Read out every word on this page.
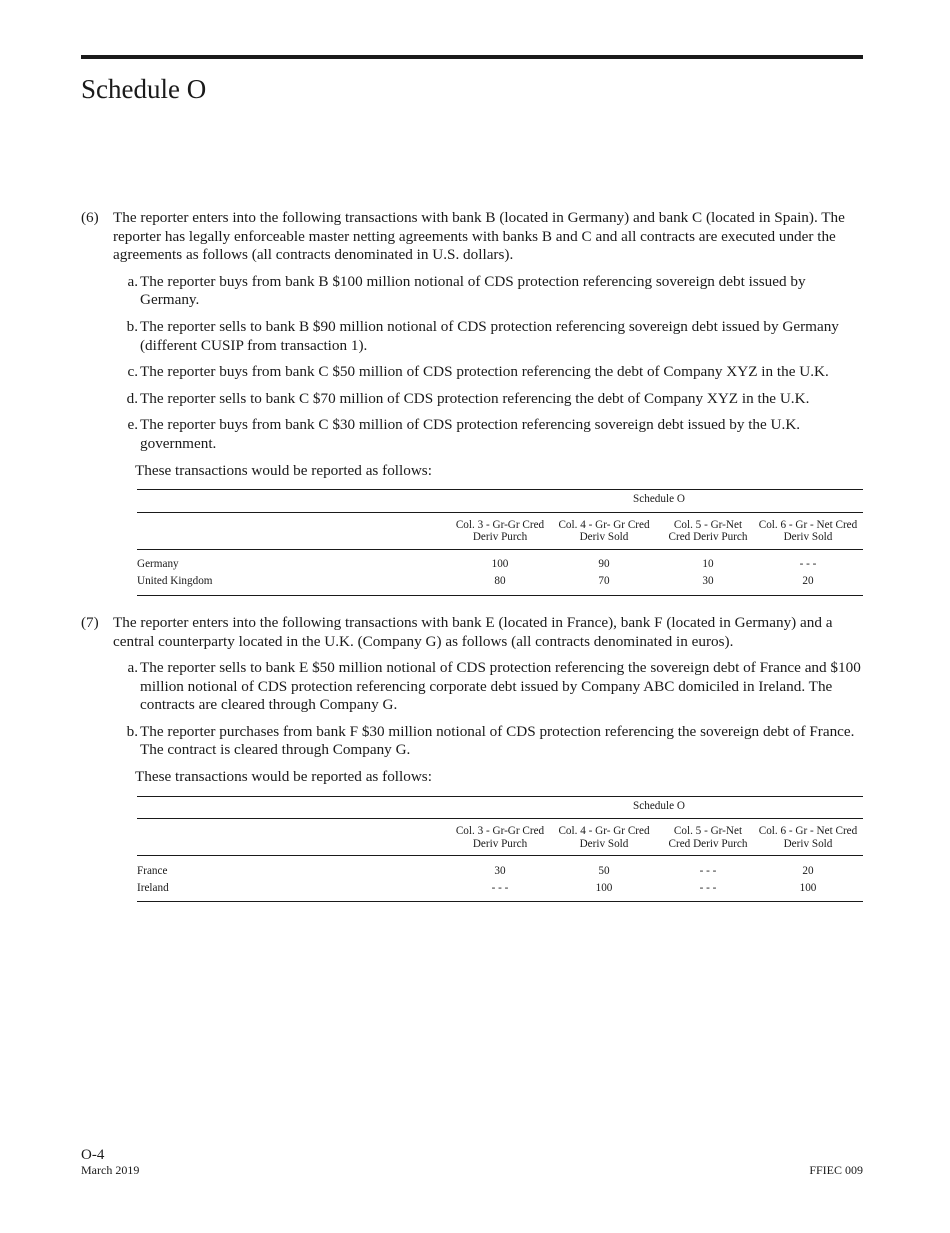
Schedule O
(6) The reporter enters into the following transactions with bank B (located in Germany) and bank C (located in Spain). The reporter has legally enforceable master netting agreements with banks B and C and all contracts are executed under the agreements as follows (all contracts denominated in U.S. dollars).
a. The reporter buys from bank B $100 million notional of CDS protection referencing sovereign debt issued by Germany.
b. The reporter sells to bank B $90 million notional of CDS protection referencing sovereign debt issued by Germany (different CUSIP from transaction 1).
c. The reporter buys from bank C $50 million of CDS protection referencing the debt of Company XYZ in the U.K.
d. The reporter sells to bank C $70 million of CDS protection referencing the debt of Company XYZ in the U.K.
e. The reporter buys from bank C $30 million of CDS protection referencing sovereign debt issued by the U.K. government.
These transactions would be reported as follows:
	Schedule O			
	Col. 3 - Gr-Gr Cred Deriv Purch	Col. 4 - Gr- Gr Cred Deriv Sold	Col. 5 - Gr-Net Cred Deriv Purch	Col. 6 - Gr - Net Cred Deriv Sold
Germany	100	90	10	- - -
United Kingdom	80	70	30	20
(7) The reporter enters into the following transactions with bank E (located in France), bank F (located in Germany) and a central counterparty located in the U.K. (Company G) as follows (all contracts denominated in euros).
a. The reporter sells to bank E $50 million notional of CDS protection referencing the sovereign debt of France and $100 million notional of CDS protection referencing corporate debt issued by Company ABC domiciled in Ireland. The contracts are cleared through Company G.
b. The reporter purchases from bank F $30 million notional of CDS protection referencing the sovereign debt of France. The contract is cleared through Company G.
These transactions would be reported as follows:
	Schedule O			
	Col. 3 - Gr-Gr Cred Deriv Purch	Col. 4 - Gr- Gr Cred Deriv Sold	Col. 5 - Gr-Net Cred Deriv Purch	Col. 6 - Gr - Net Cred Deriv Sold
France	30	50	- - -	20
Ireland	- - -	100	- - -	100
O-4
March 2019	FFIEC 009
